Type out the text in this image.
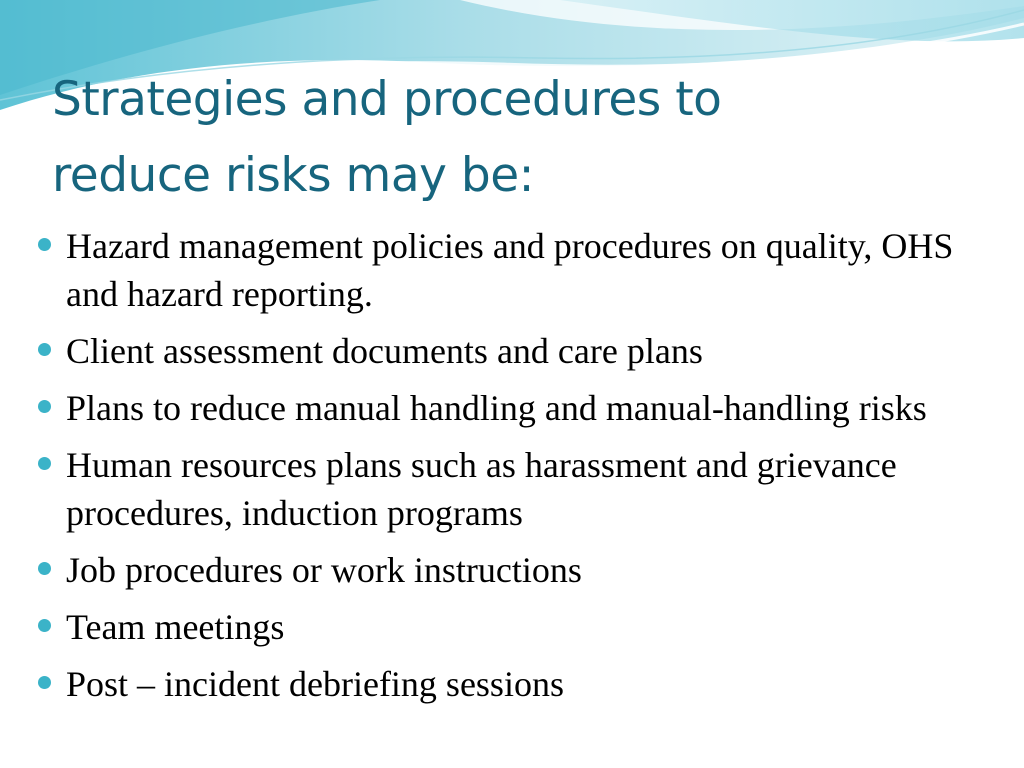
Strategies and procedures to
reduce risks may be:
Hazard management policies and procedures on quality, OHS and hazard reporting.
Client assessment documents and care plans
Plans to reduce manual handling and manual-handling risks
Human resources plans such as harassment and grievance procedures, induction programs
Job procedures or work instructions
Team meetings
Post – incident debriefing sessions
